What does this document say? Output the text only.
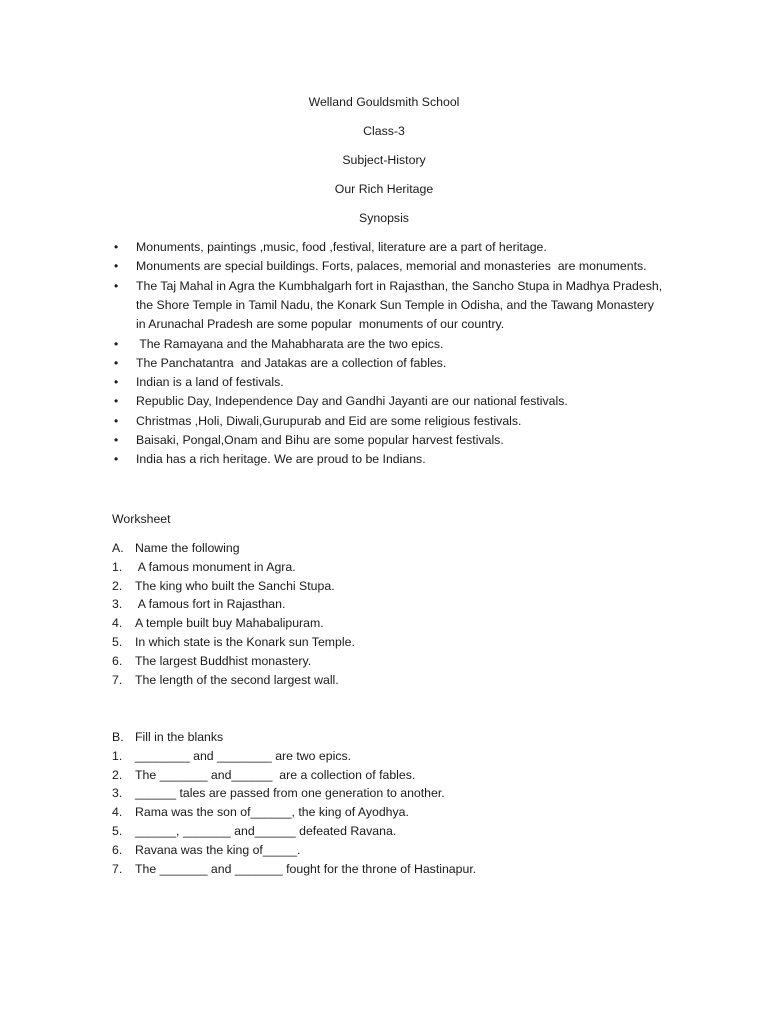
Welland Gouldsmith School
Class-3
Subject-History
Our Rich Heritage
Synopsis
• Monuments, paintings ,music, food ,festival, literature are a part of heritage.
• Monuments are special buildings. Forts, palaces, memorial and monasteries  are monuments.
• The Taj Mahal in Agra the Kumbhalgarh fort in Rajasthan, the Sancho Stupa in Madhya Pradesh,
the Shore Temple in Tamil Nadu, the Konark Sun Temple in Odisha, and the Tawang Monastery
in Arunachal Pradesh are some popular  monuments of our country.
• The Ramayana and the Mahabharata are the two epics.
• The Panchatantra  and Jatakas are a collection of fables.
• Indian is a land of festivals.
• Republic Day, Independence Day and Gandhi Jayanti are our national festivals.
• Christmas ,Holi, Diwali,Gurupurab and Eid are some religious festivals.
• Baisaki, Pongal,Onam and Bihu are some popular harvest festivals.
• India has a rich heritage. We are proud to be Indians.
Worksheet
A. Name the following
1. A famous monument in Agra.
2. The king who built the Sanchi Stupa.
3. A famous fort in Rajasthan.
4. A temple built buy Mahabalipuram.
5. In which state is the Konark sun Temple.
6. The largest Buddhist monastery.
7. The length of the second largest wall.
B. Fill in the blanks
1. ________ and ________ are two epics.
2. The _______ and______  are a collection of fables.
3. ______ tales are passed from one generation to another.
4. Rama was the son of______, the king of Ayodhya.
5. ______, _______ and______ defeated Ravana.
6. Ravana was the king of_____.
7. The _______ and _______ fought for the throne of Hastinapur.
